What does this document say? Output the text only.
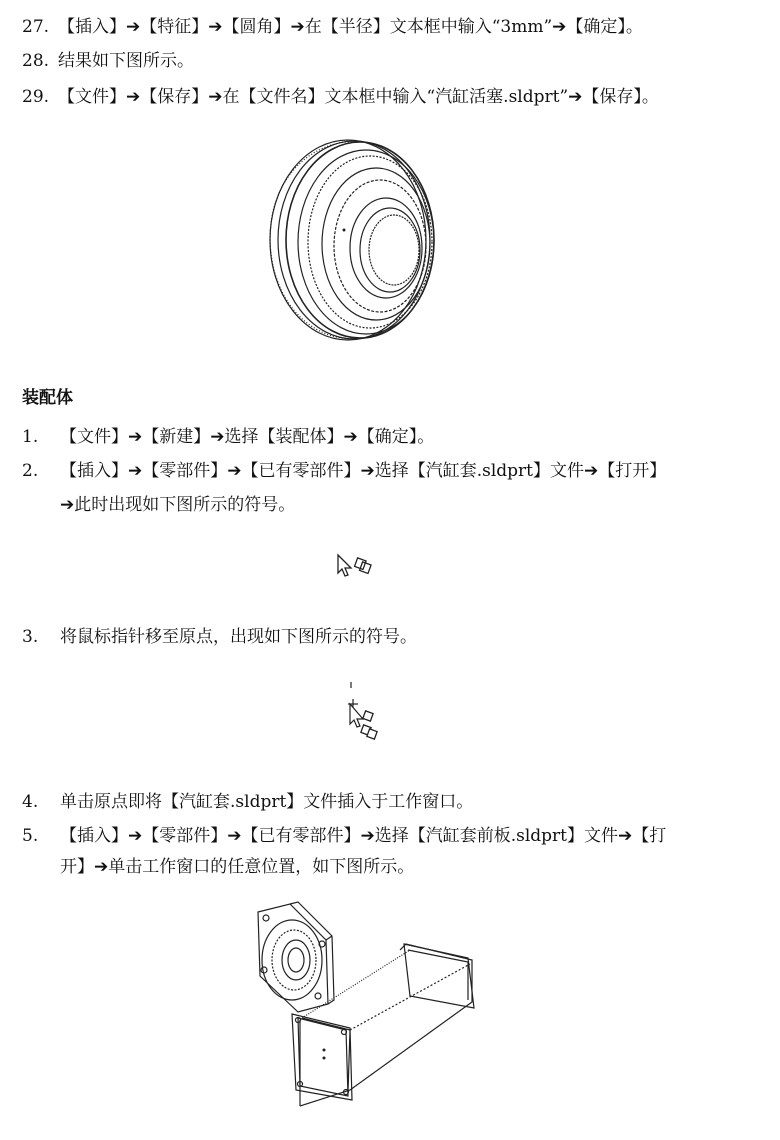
27. 【插入】➔【特征】➔【圆角】➔在【半径】文本框中输入“3mm”➔【确定】。
28. 结果如下图所示。
29. 【文件】➔【保存】➔在【文件名】文本框中输入“汽缸活塞.sldprt”➔【保存】。
装配体
1. 【文件】➔【新建】➔选择【装配体】➔【确定】。
2. 【插入】➔【零部件】➔【已有零部件】➔选择【汽缸套.sldprt】文件➔【打开】
➔此时出现如下图所示的符号。
3. 将鼠标指针移至原点，出现如下图所示的符号。
4. 单击原点即将【汽缸套.sldprt】文件插入于工作窗口。
5. 【插入】➔【零部件】➔【已有零部件】➔选择【汽缸套前板.sldprt】文件➔【打
开】➔单击工作窗口的任意位置，如下图所示。
